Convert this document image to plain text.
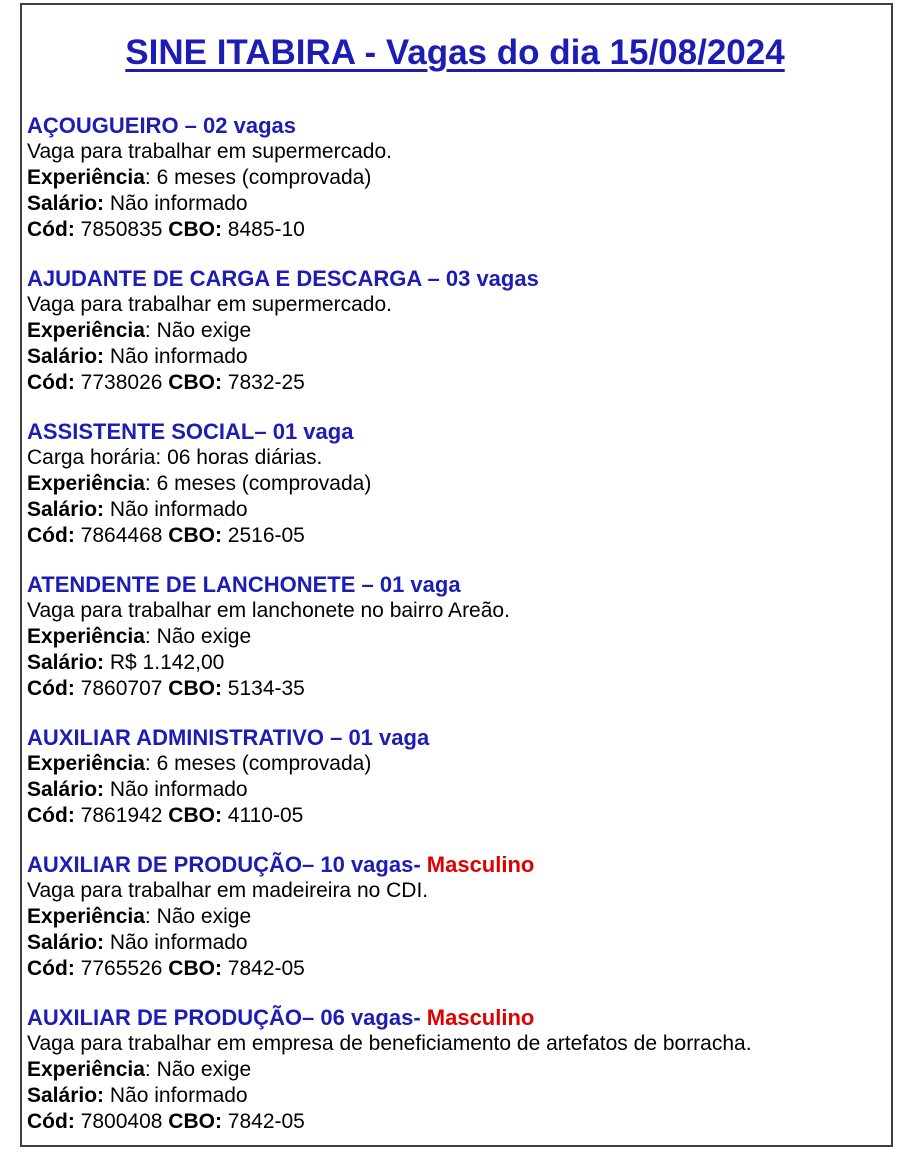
SINE ITABIRA - Vagas do dia 15/08/2024
AÇOUGUEIRO – 02 vagas
Vaga para trabalhar em supermercado.
Experiência: 6 meses (comprovada)
Salário: Não informado
Cód: 7850835 CBO: 8485-10
AJUDANTE DE CARGA E DESCARGA – 03 vagas
Vaga para trabalhar em supermercado.
Experiência: Não exige
Salário: Não informado
Cód: 7738026 CBO: 7832-25
ASSISTENTE SOCIAL– 01 vaga
Carga horária: 06 horas diárias.
Experiência: 6 meses (comprovada)
Salário: Não informado
Cód: 7864468 CBO: 2516-05
ATENDENTE DE LANCHONETE – 01 vaga
Vaga para trabalhar em lanchonete no bairro Areão.
Experiência: Não exige
Salário: R$ 1.142,00
Cód: 7860707 CBO: 5134-35
AUXILIAR ADMINISTRATIVO – 01 vaga
Experiência: 6 meses (comprovada)
Salário: Não informado
Cód: 7861942 CBO: 4110-05
AUXILIAR DE PRODUÇÃO– 10 vagas- Masculino
Vaga para trabalhar em madeireira no CDI.
Experiência: Não exige
Salário: Não informado
Cód: 7765526 CBO: 7842-05
AUXILIAR DE PRODUÇÃO– 06 vagas- Masculino
Vaga para trabalhar em empresa de beneficiamento de artefatos de borracha.
Experiência: Não exige
Salário: Não informado
Cód: 7800408 CBO: 7842-05
